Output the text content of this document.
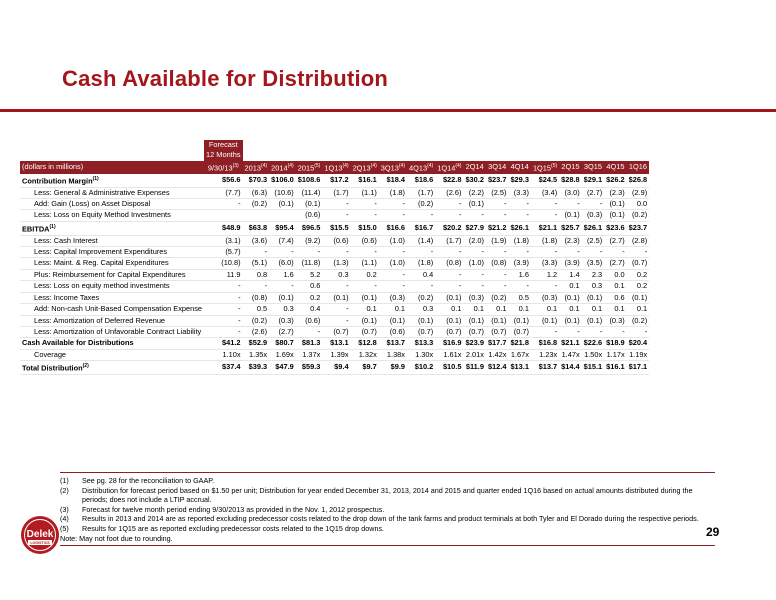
Cash Available for Distribution

	Forecast
12 Months																

(dollars in millions)	9/30/13$^{(3)}$	2013$^{(4)}$	2014$^{(4)}$	2015$^{(5)}$	1Q13$^{(4)}$	2Q13$^{(4)}$	3Q13$^{(4)}$	4Q13$^{(4)}$	1Q14$^{(4)}$	2Q14	3Q14	4Q14	1Q15$^{(5)}$	2Q15	3Q15	4Q15	1Q16
Contribution Margin$^{(1)}$	$56.6	$70.3	$106.0	$108.6	$17.2	$16.1	$18.4	$18.6	$22.8	$30.2	$23.7	$29.3	$24.5	$28.8	$29.1	$26.2	$26.8
Less: General & Administrative Expenses	(7.7)	(6.3)	(10.6)	(11.4)	(1.7)	(1.1)	(1.8)	(1.7)	(2.6)	(2.2)	(2.5)	(3.3)	(3.4)	(3.0)	(2.7)	(2.3)	(2.9)
Add: Gain (Loss) on Asset Disposal	-	(0.2)	(0.1)	(0.1)	-	-	-	(0.2)	-	(0.1)	-	-	-	-	-	(0.1)	0.0
Less: Loss on Equity Method Investments				(0.6)	-	-	-	-	-	-	-	-	-	(0.1)	(0.3)	(0.1)	(0.2)
EBITDA$^{(1)}$	$48.9	$63.8	$95.4	$96.5	$15.5	$15.0	$16.6	$16.7	$20.2	$27.9	$21.2	$26.1	$21.1	$25.7	$26.1	$23.6	$23.7
Less: Cash Interest	(3.1)	(3.6)	(7.4)	(9.2)	(0.6)	(0.6)	(1.0)	(1.4)	(1.7)	(2.0)	(1.9)	(1.8)	(1.8)	(2.3)	(2.5)	(2.7)	(2.8)
Less: Capital Improvement Expenditures	(5.7)	-	-	-	-	-	-	-	-	-	-	-	-	-	-	-	-
Less: Maint. & Reg. Capital Expenditures	(10.8)	(5.1)	(6.0)	(11.8)	(1.3)	(1.1)	(1.0)	(1.8)	(0.8)	(1.0)	(0.8)	(3.9)	(3.3)	(3.9)	(3.5)	(2.7)	(0.7)
Plus: Reimbursement for Capital Expenditures	11.9	0.8	1.6	5.2	0.3	0.2	-	0.4	-	-	-	1.6	1.2	1.4	2.3	0.0	0.2
Less: Loss on equity method investments	-	-	-	0.6	-	-	-	-	-	-	-	-	-	0.1	0.3	0.1	0.2
Less: Income Taxes	-	(0.8)	(0.1)	0.2	(0.1)	(0.1)	(0.3)	(0.2)	(0.1)	(0.3)	(0.2)	0.5	(0.3)	(0.1)	(0.1)	0.6	(0.1)
Add: Non-cash Unit-Based Compensation Expense	-	0.5	0.3	0.4	-	0.1	0.1	0.3	0.1	0.1	0.1	0.1	0.1	0.1	0.1	0.1	0.1
Less: Amortization of Deferred Revenue	-	(0.2)	(0.3)	(0.6)	-	(0.1)	(0.1)	(0.1)	(0.1)	(0.1)	(0.1)	(0.1)	(0.1)	(0.1)	(0.1)	(0.3)	(0.2)
Less: Amortization of Unfavorable Contract Liability	-	(2.6)	(2.7)	-	(0.7)	(0.7)	(0.6)	(0.7)	(0.7)	(0.7)	(0.7)	(0.7)	-	-	-	-	-
Cash Available for Distributions	$41.2	$52.9	$80.7	$81.3	$13.1	$12.8	$13.7	$13.3	$16.9	$23.9	$17.7	$21.8	$16.8	$21.1	$22.6	$18.9	$20.4
Coverage	1.10x	1.35x	1.69x	1.37x	1.39x	1.32x	1.38x	1.30x	1.61x	2.01x	1.42x	1.67x	1.23x	1.47x	1.50x	1.17x	1.19x
Total Distribution$^{(2)}$	$37.4	$39.3	$47.9	$59.3	$9.4	$9.7	$9.9	$10.2	$10.5	$11.9	$12.4	$13.1	$13.7	$14.4	$15.1	$16.1	$17.1
(1)	See pg. 28 for the reconciliation to GAAP.
(2)	Distribution for forecast period based on $1.50 per unit; Distribution for year ended December 31, 2013, 2014 and 2015 and quarter ended 1Q16 based on actual amounts distributed during the periods; does not include a LTIP accrual.
(3)	Forecast for twelve month period ending 9/30/2013 as provided in the Nov. 1, 2012 prospectus.
(4)	Results in 2013 and 2014 are as reported excluding predecessor costs related to the drop down of the tank farms and product terminals at both Tyler and El Dorado during the respective periods.
(5)	Results for 1Q15 are as reported excluding predecessor costs related to the 1Q15 drop downs.
Note: May not foot due to rounding.
Delek
LOGISTICS
29
